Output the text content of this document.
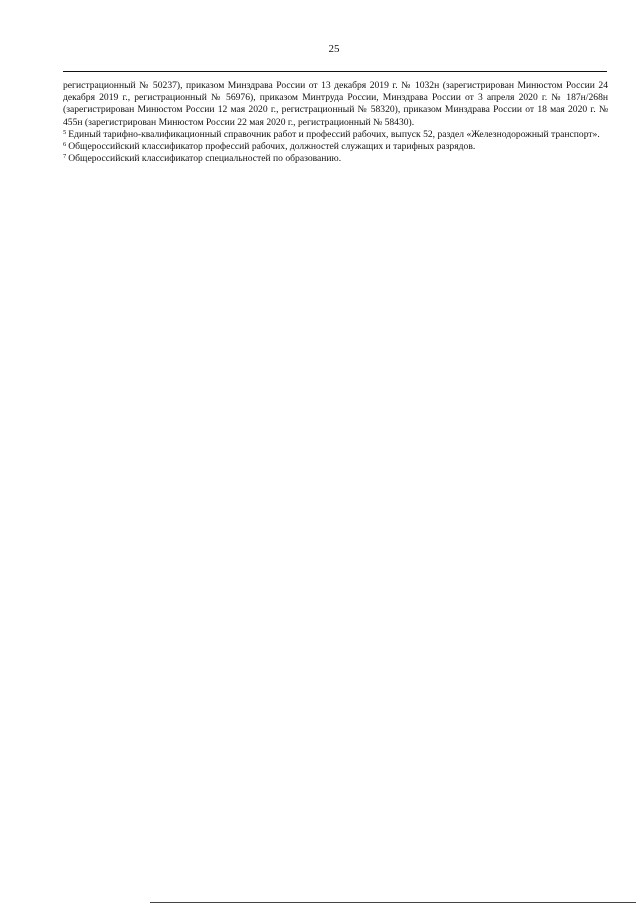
25

регистрационный № 50237), приказом Минздрава России от 13 декабря 2019 г. № 1032н (зарегистрирован Минюстом России 24 декабря 2019 г., регистрационный № 56976), приказом Минтруда России, Минздрава России от 3 апреля 2020 г. № 187н/268н (зарегистрирован Минюстом России 12 мая 2020 г., регистрационный № 58320), приказом Минздрава России от 18 мая 2020 г. № 455н (зарегистрирован Минюстом России 22 мая 2020 г., регистрационный № 58430).

$^5$ Единый тарифно-квалификационный справочник работ и профессий рабочих, выпуск 52, раздел «Железнодорожный транспорт».

$^6$ Общероссийский классификатор профессий рабочих, должностей служащих и тарифных разрядов.

$^7$ Общероссийский классификатор специальностей по образованию.
